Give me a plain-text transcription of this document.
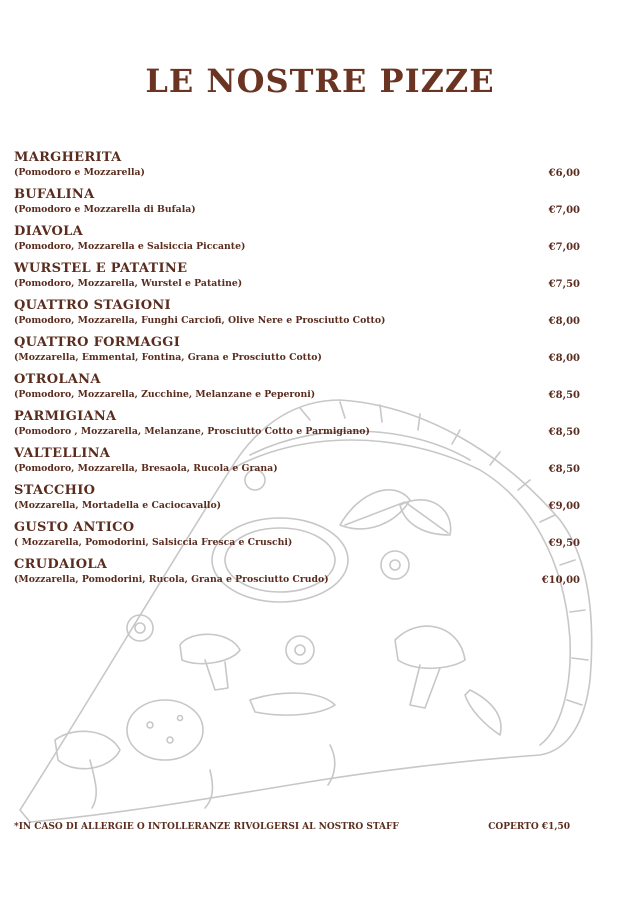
LE NOSTRE PIZZE
MARGHERITA
(Pomodoro e Mozzarella)	€6,00
BUFALINA
(Pomodoro e Mozzarella di Bufala)	€7,00
DIAVOLA
(Pomodoro, Mozzarella e Salsiccia Piccante)	€7,00
WURSTEL E PATATINE
(Pomodoro, Mozzarella, Wurstel e Patatine)	€7,50
QUATTRO STAGIONI
(Pomodoro, Mozzarella, Funghi Carciofi, Olive Nere e Prosciutto Cotto)	€8,00
QUATTRO FORMAGGI
(Mozzarella, Emmental, Fontina, Grana e Prosciutto Cotto)	€8,00
OTROLANA
(Pomodoro, Mozzarella, Zucchine, Melanzane e Peperoni)	€8,50
PARMIGIANA
(Pomodoro , Mozzarella, Melanzane, Prosciutto Cotto e Parmigiano)	€8,50
VALTELLINA
(Pomodoro, Mozzarella, Bresaola, Rucola e Grana)	€8,50
STACCHIO
(Mozzarella, Mortadella e Caciocavallo)	€9,00
GUSTO ANTICO
( Mozzarella, Pomodorini, Salsiccia Fresca e Cruschi)	€9,50
CRUDAIOLA
(Mozzarella, Pomodorini, Rucola, Grana e Prosciutto Crudo)	€10,00
*IN CASO DI ALLERGIE O INTOLLERANZE RIVOLGERSI AL NOSTRO STAFF	COPERTO €1,50
